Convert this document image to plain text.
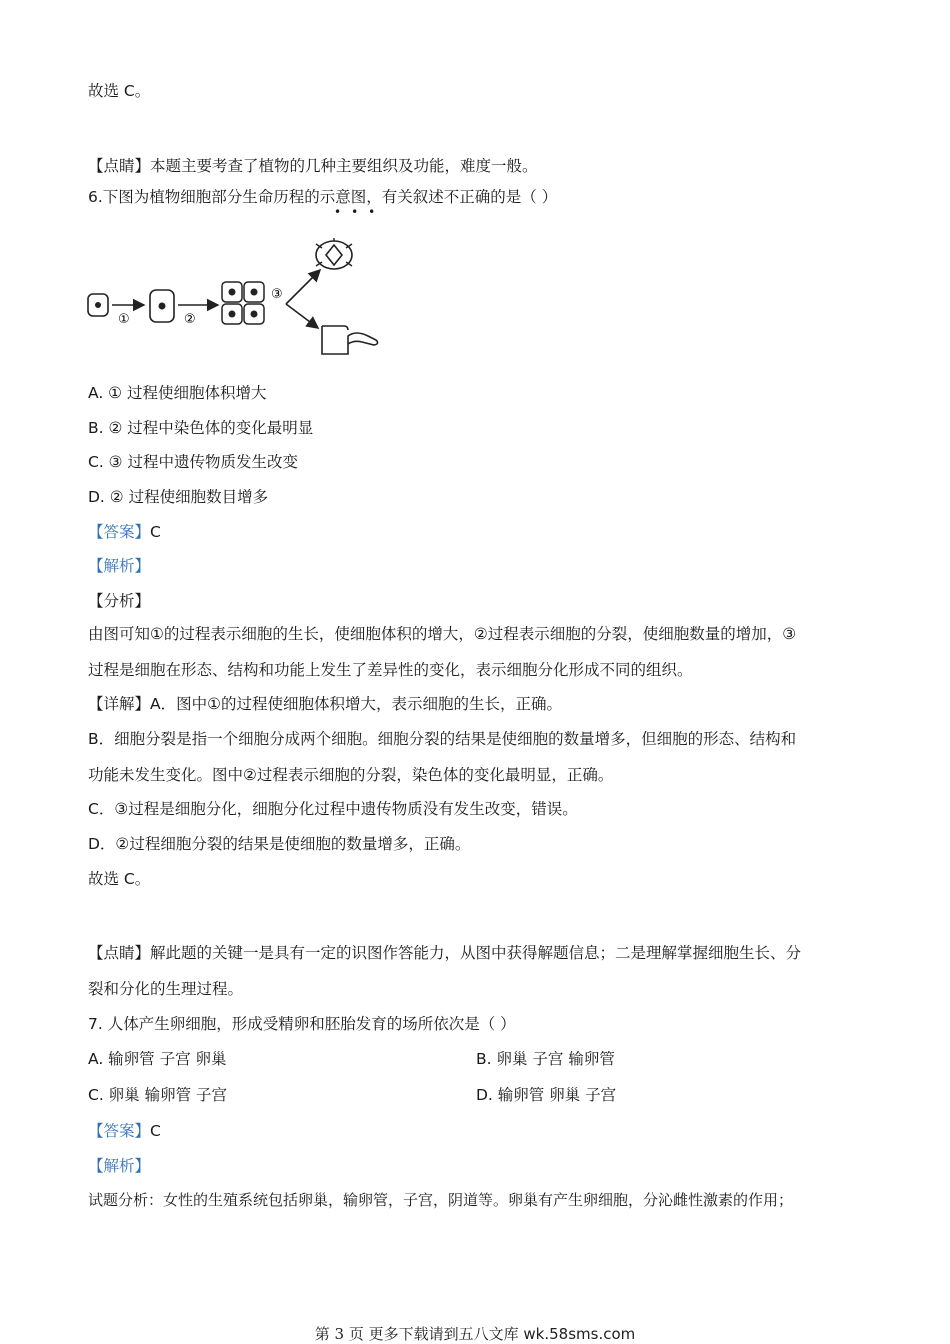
故选 C。
【点睛】本题主要考查了植物的几种主要组织及功能，难度一般。
6.下图为植物细胞部分生命历程的示意图，有关叙述不正确的是（ ）
•••
①	②
③
A. ① 过程使细胞体积增大
B. ② 过程中染色体的变化最明显
C. ③ 过程中遗传物质发生改变
D. ② 过程使细胞数目增多
【答案】C
【解析】
【分析】
由图可知①的过程表示细胞的生长，使细胞体积的增大，②过程表示细胞的分裂，使细胞数量的增加，③
过程是细胞在形态、结构和功能上发生了差异性的变化，表示细胞分化形成不同的组织。
【详解】A．图中①的过程使细胞体积增大，表示细胞的生长，正确。
B．细胞分裂是指一个细胞分成两个细胞。细胞分裂的结果是使细胞的数量增多，但细胞的形态、结构和
功能未发生变化。图中②过程表示细胞的分裂，染色体的变化最明显，正确。
C．③过程是细胞分化，细胞分化过程中遗传物质没有发生改变，错误。
D．②过程细胞分裂的结果是使细胞的数量增多，正确。
故选 C。
【点睛】解此题的关键一是具有一定的识图作答能力，从图中获得解题信息；二是理解掌握细胞生长、分
裂和分化的生理过程。
7. 人体产生卵细胞，形成受精卵和胚胎发育的场所依次是（ ）
A. 输卵管 子宫 卵巢	B. 卵巢 子宫 输卵管
C. 卵巢 输卵管 子宫	D. 输卵管 卵巢 子宫
【答案】C
【解析】
试题分析：女性的生殖系统包括卵巢，输卵管，子宫，阴道等。卵巢有产生卵细胞，分沁雌性激素的作用；
第 3 页 更多下载请到五八文库 wk.58sms.com
